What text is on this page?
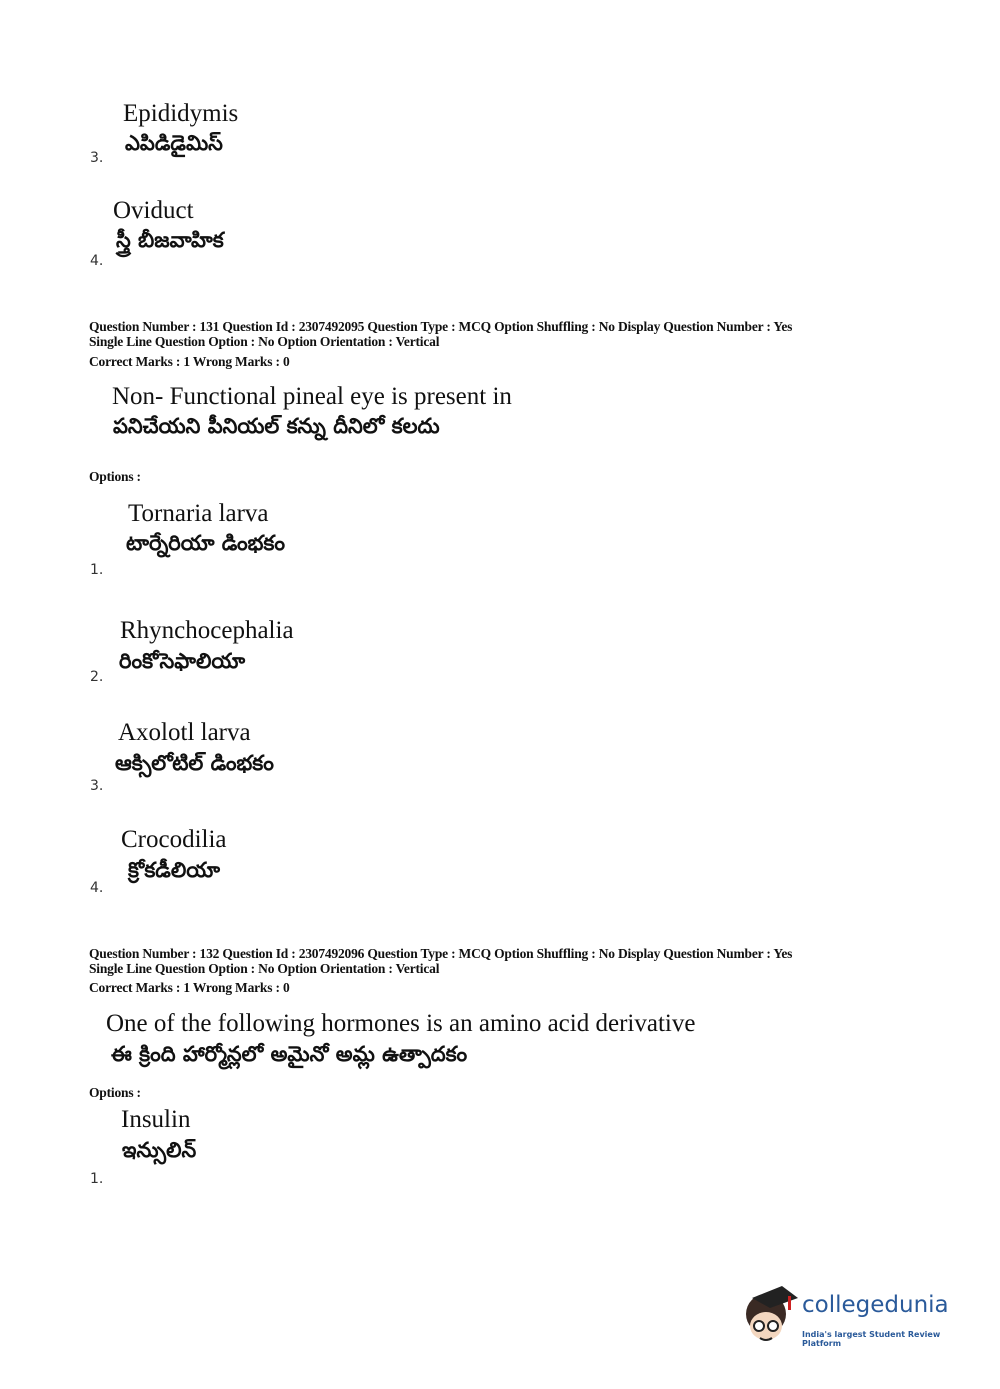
Epididymis
ఎపిడిడైమిస్
3.
Oviduct
స్త్రీ బీజవాహిక
4.
Question Number : 131 Question Id : 2307492095 Question Type : MCQ Option Shuffling : No Display Question Number : Yes
Single Line Question Option : No Option Orientation : Vertical
Correct Marks : 1 Wrong Marks : 0
Non- Functional pineal eye is present in
పనిచేయని పీనియల్ కన్ను దీనిలో కలదు
Options :
Tornaria larva
టార్నేరియా డింభకం
1.
Rhynchocephalia
రింకోసెఫాలియా
2.
Axolotl larva
ఆక్సిలోటిల్ డింభకం
3.
Crocodilia
క్రోకడీలియా
4.
Question Number : 132 Question Id : 2307492096 Question Type : MCQ Option Shuffling : No Display Question Number : Yes
Single Line Question Option : No Option Orientation : Vertical
Correct Marks : 1 Wrong Marks : 0
One of the following hormones is an amino acid derivative
ఈ క్రింది హార్మోన్లలో అమైనో అమ్ల ఉత్పాదకం
Options :
Insulin
ఇన్సులిన్
1.
collegedunia
India's largest Student Review Platform
